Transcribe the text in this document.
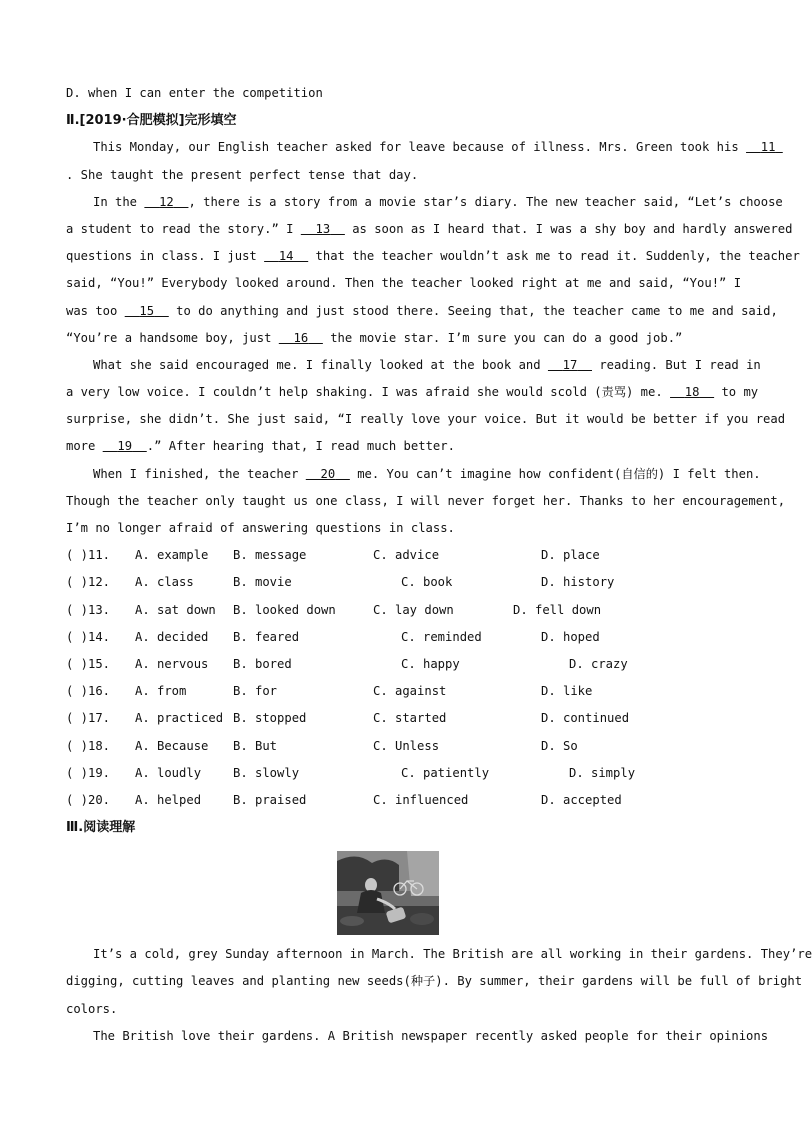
D. when I can enter the competition
Ⅱ.[2019·合肥模拟]完形填空
This Monday, our English teacher asked for leave because of illness. Mrs. Green took his   11
. She taught the present perfect tense that day.
In the   12 , there is a story from a movie star’s diary. The new teacher said, “Let’s choose
a student to read the story.” I   13   as soon as I heard that. I was a shy boy and hardly answered
questions in class. I just   14   that the teacher wouldn’t ask me to read it. Suddenly, the teacher
said, “You!” Everybody looked around. Then the teacher looked right at me and said, “You!” I
was too   15   to do anything and just stood there. Seeing that, the teacher came to me and said,
“You’re a handsome boy, just   16   the movie star. I’m sure you can do a good job.”
What she said encouraged me. I finally looked at the book and   17   reading. But I read in
a very low voice. I couldn’t help shaking. I was afraid she would scold (责骂) me.   18   to my
surprise, she didn’t. She just said, “I really love your voice. But it would be better if you read
more   19 .” After hearing that, I read much better.
When I finished, the teacher   20   me. You can’t imagine how confident(自信的) I felt then.
Though the teacher only taught us one class, I will never forget her. Thanks to her encouragement,
I’m no longer afraid of answering questions in class.
( )11. A. example B. message	C. advice	D. place
( )12. A. class	B. movie	C. book	D. history
( )13. A. sat down B. looked down	C. lay down	D. fell down
( )14. A. decided B. feared	C. reminded	D. hoped
( )15. A. nervous B. bored	C. happy	D. crazy
( )16. A. from	B. for	C. against	D. like
( )17. A. practiced B. stopped	C. started	D. continued
( )18. A. Because B. But	C. Unless	D. So
( )19. A. loudly	B. slowly	C. patiently	D. simply
( )20. A. helped	B. praised	C. influenced	D. accepted
Ⅲ.阅读理解
It’s a cold, grey Sunday afternoon in March. The British are all working in their gardens. They’re
digging, cutting leaves and planting new seeds(种子). By summer, their gardens will be full of bright
colors.
The British love their gardens. A British newspaper recently asked people for their opinions
